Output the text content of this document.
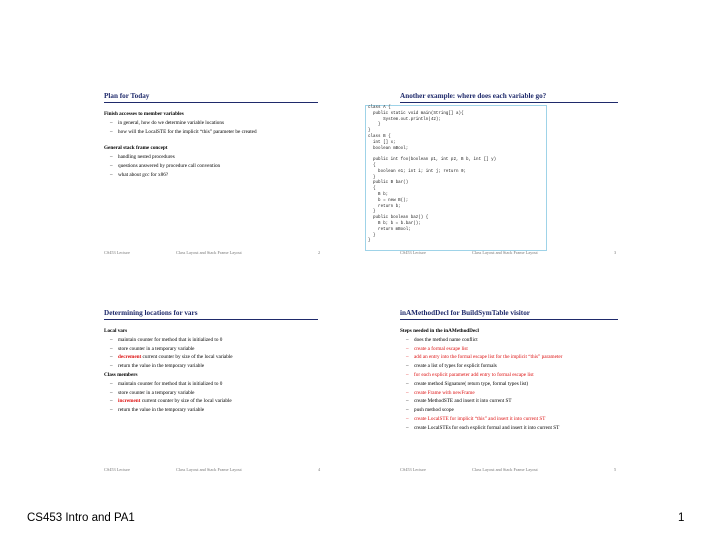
Plan for Today
Finish accesses to member variables
– in general, how do we determine variable locations
– how will the LocalSTE for the implicit “this” parameter be created
General stack frame concept
– handling nested procedures
– questions answered by procedure call convention
– what about gcc for x86?
CS453 Lecture	Class Layout and Stack Frame Layout	2
Another example: where does each variable go?
class A {
public static void main(String[] a){
System.out.println(42);
}
}
class B {
int [] x;
boolean mBool;

public int foo(boolean p1, int p2, B b, int [] y)
{
boolean e1; int i; int j; return 0;
}
public B bar()
{
B b;
b = new B();
return b;
}
public boolean baz() {
B b; b = b.bar();
return mBool;
}
}
CS453 Lecture	Class Layout and Stack Frame Layout	3
Determining locations for vars
Local vars
– maintain counter for method that is initialized to 0
– store counter in a temporary variable
– decrement current counter by size of the local variable
– return the value in the temporary variable
Class members
– maintain counter for method that is initialized to 0
– store counter in a temporary variable
– increment current counter by size of the local variable
– return the value in the temporary variable
CS453 Lecture	Class Layout and Stack Frame Layout	4
inAMethodDecl for BuildSymTable visitor
Steps needed in the inAMethodDecl
– does the method name conflict
– create a formal escape list
– add an entry into the formal escape list for the implicit “this” parameter
– create a list of types for explicit formals
– for each explicit parameter add entry to formal escape list
– create method Signature( return type, formal types list)
– create Frame with newFrame
– create MethodSTE and insert it into current ST
– push method scope
– create LocalSTE for implicit “this” and insert it into current ST
– create LocalSTEs for each explicit formal and insert it into current ST
CS453 Lecture	Class Layout and Stack Frame Layout	5
CS453 Intro and PA1	1
